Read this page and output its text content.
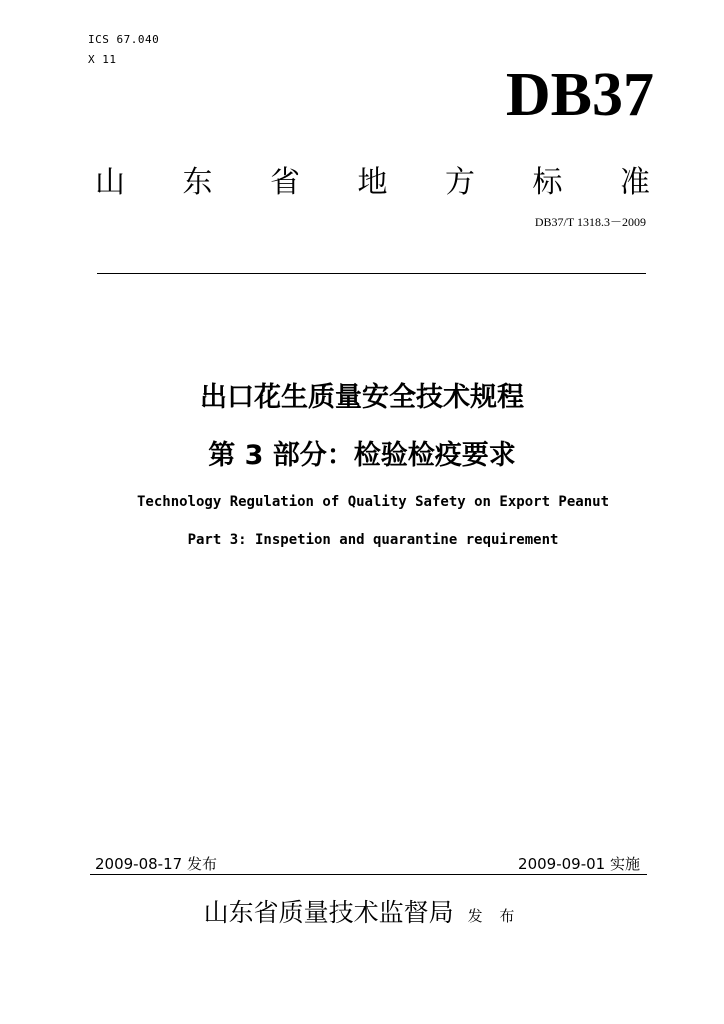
ICS 67.040
X 11
DB37
山 东 省 地 方 标 准
DB37/T 1318.3－2009
出口花生质量安全技术规程
第 3 部分：检验检疫要求
Technology Regulation of Quality Safety on Export Peanut
Part 3: Inspetion and quarantine requirement
2009-08-17 发布	2009-09-01 实施
山东省质量技术监督局 发 布
